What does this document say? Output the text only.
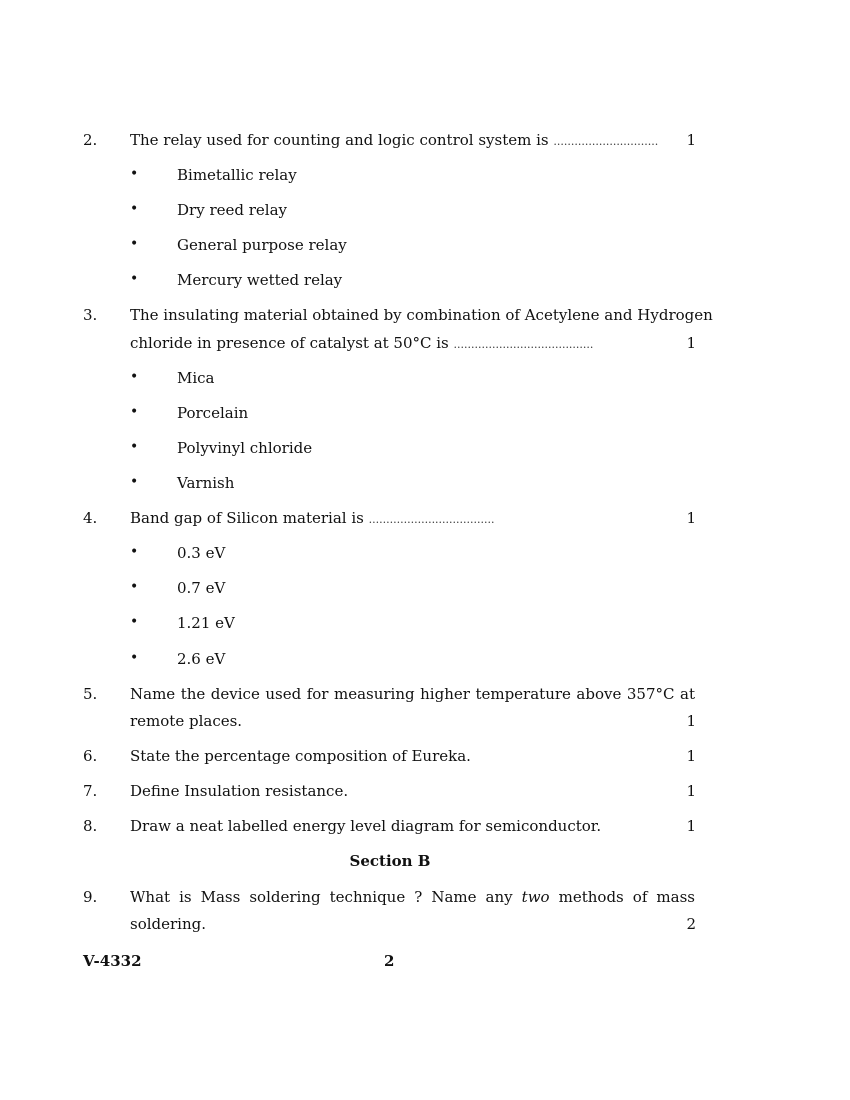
2. The relay used for counting and logic control system is .............................. 1
•	Bimetallic relay
•	Dry reed relay
•	General purpose relay
•	Mercury wetted relay
3. The insulating material obtained by combination of Acetylene and Hydrogen
chloride in presence of catalyst at 50°C is ........................................	1
•	Mica
•	Porcelain
•	Polyvinyl chloride
•	Varnish
4. Band gap of Silicon material is ....................................	1
•	0.3 eV
•	0.7 eV
•	1.21 eV
•	2.6 eV
5. Name the device used for measuring higher temperature above 357°C at
remote places.	1
6. State the percentage composition of Eureka.	1
7. Define Insulation resistance.	1
8. Draw a neat labelled energy level diagram for semiconductor.	1
Section B
9. What is Mass soldering technique ? Name any two methods of mass
soldering.	2
V-4332	2
